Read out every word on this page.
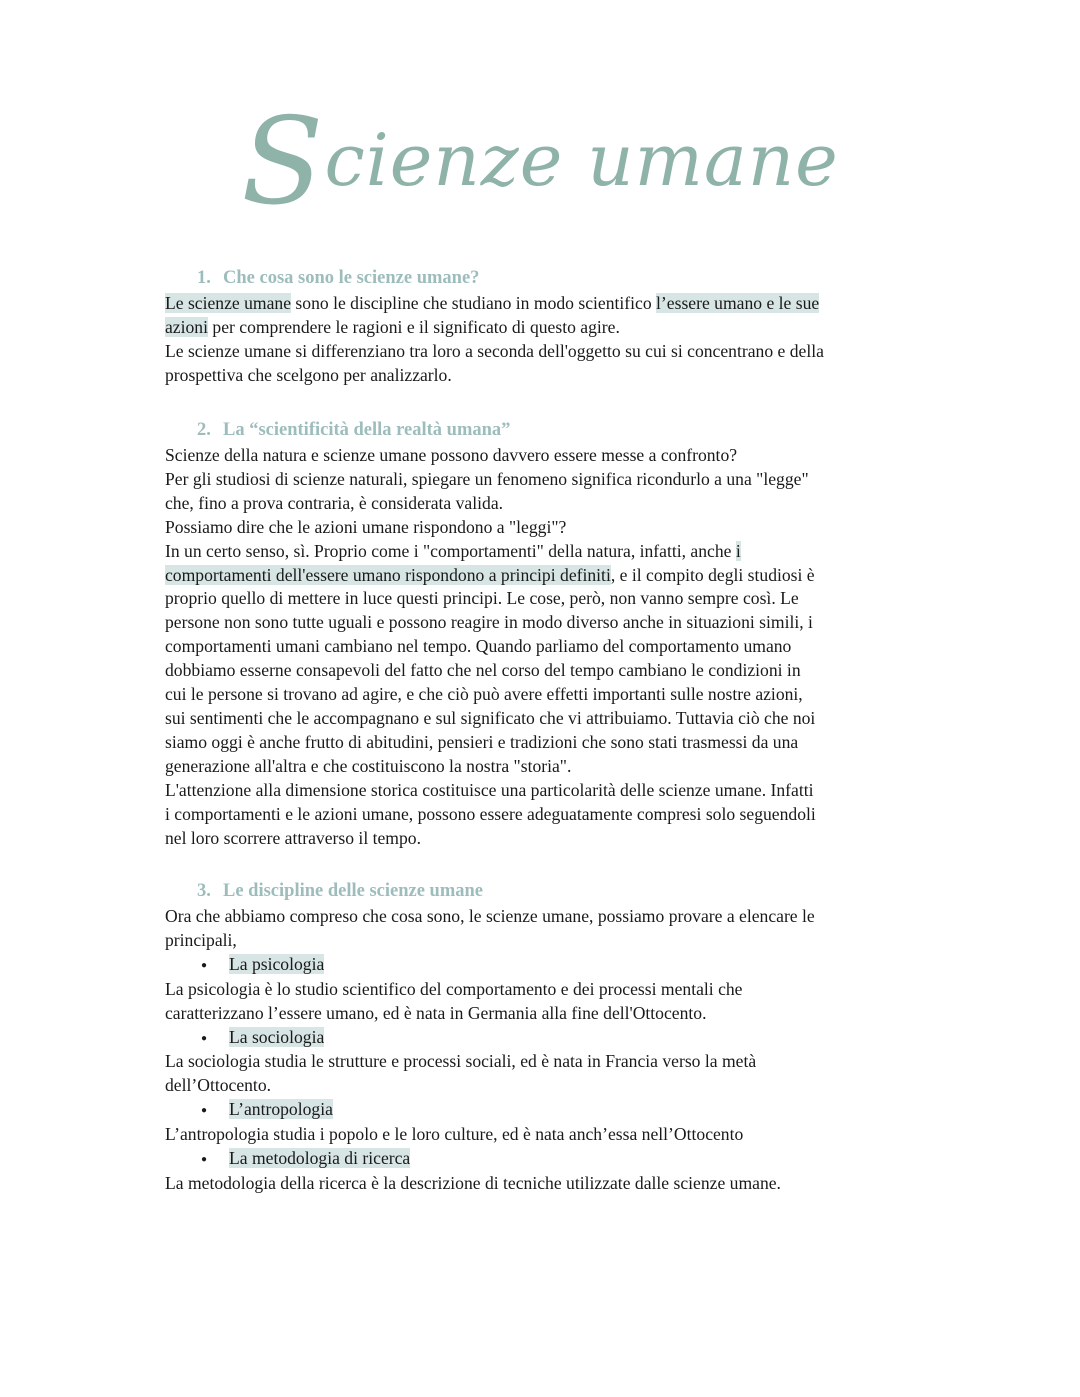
Scienze umane
1. Che cosa sono le scienze umane?
Le scienze umane sono le discipline che studiano in modo scientifico l’essere umano e le sue
azioni per comprendere le ragioni e il significato di questo agire.
Le scienze umane si differenziano tra loro a seconda dell'oggetto su cui si concentrano e della
prospettiva che scelgono per analizzarlo.
2. La “scientificità della realtà umana”
Scienze della natura e scienze umane possono davvero essere messe a confronto?
Per gli studiosi di scienze naturali, spiegare un fenomeno significa ricondurlo a una "legge"
che, fino a prova contraria, è considerata valida.
Possiamo dire che le azioni umane rispondono a "leggi"?
In un certo senso, sì. Proprio come i "comportamenti" della natura, infatti, anche i
comportamenti dell'essere umano rispondono a principi definiti, e il compito degli studiosi è
proprio quello di mettere in luce questi principi. Le cose, però, non vanno sempre così. Le
persone non sono tutte uguali e possono reagire in modo diverso anche in situazioni simili, i
comportamenti umani cambiano nel tempo. Quando parliamo del comportamento umano
dobbiamo esserne consapevoli del fatto che nel corso del tempo cambiano le condizioni in
cui le persone si trovano ad agire, e che ciò può avere effetti importanti sulle nostre azioni,
sui sentimenti che le accompagnano e sul significato che vi attribuiamo. Tuttavia ciò che noi
siamo oggi è anche frutto di abitudini, pensieri e tradizioni che sono stati trasmessi da una
generazione all'altra e che costituiscono la nostra "storia".
L'attenzione alla dimensione storica costituisce una particolarità delle scienze umane. Infatti
i comportamenti e le azioni umane, possono essere adeguatamente compresi solo seguendoli
nel loro scorrere attraverso il tempo.
3. Le discipline delle scienze umane
Ora che abbiamo compreso che cosa sono, le scienze umane, possiamo provare a elencare le
principali,
● La psicologia
La psicologia è lo studio scientifico del comportamento e dei processi mentali che
caratterizzano l’essere umano, ed è nata in Germania alla fine dell'Ottocento.
● La sociologia
La sociologia studia le strutture e processi sociali, ed è nata in Francia verso la metà
dell’Ottocento.
● L’antropologia
L’antropologia studia i popolo e le loro culture, ed è nata anch’essa nell’Ottocento
● La metodologia di ricerca
La metodologia della ricerca è la descrizione di tecniche utilizzate dalle scienze umane.
